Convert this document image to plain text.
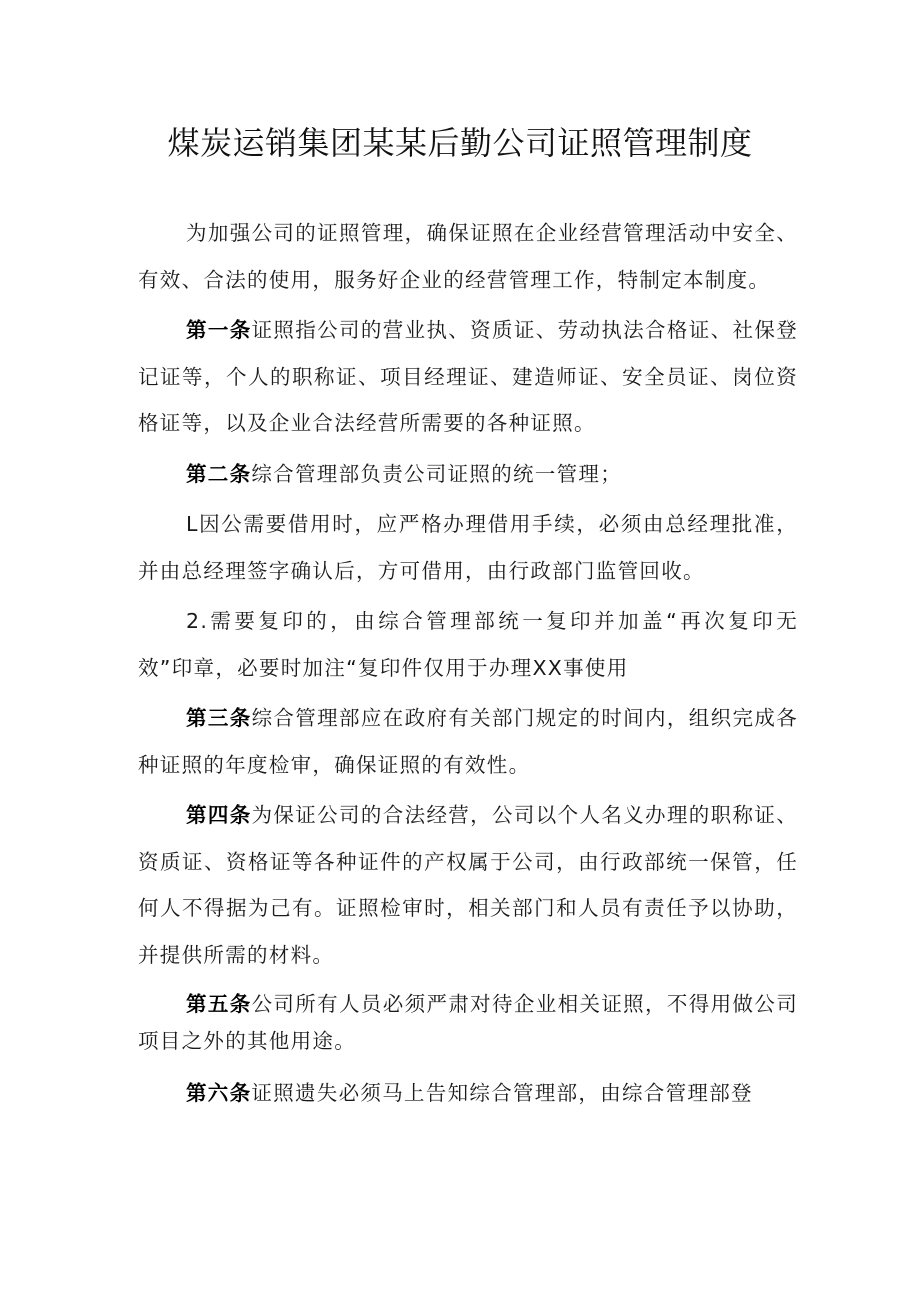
煤炭运销集团某某后勤公司证照管理制度

为加强公司的证照管理，确保证照在企业经营管理活动中安全、有效、合法的使用，服务好企业的经营管理工作，特制定本制度。

第一条证照指公司的营业执、资质证、劳动执法合格证、社保登记证等，个人的职称证、项目经理证、建造师证、安全员证、岗位资格证等，以及企业合法经营所需要的各种证照。

第二条综合管理部负责公司证照的统一管理；

L因公需要借用时，应严格办理借用手续，必须由总经理批准，并由总经理签字确认后，方可借用，由行政部门监管回收。

2.需要复印的，由综合管理部统一复印并加盖“再次复印无效”印章，必要时加注“复印件仅用于办理XX事使用

第三条综合管理部应在政府有关部门规定的时间内，组织完成各种证照的年度检审，确保证照的有效性。

第四条为保证公司的合法经营，公司以个人名义办理的职称证、资质证、资格证等各种证件的产权属于公司，由行政部统一保管，任何人不得据为己有。证照检审时，相关部门和人员有责任予以协助，并提供所需的材料。

第五条公司所有人员必须严肃对待企业相关证照，不得用做公司项目之外的其他用途。

第六条证照遗失必须马上告知综合管理部，由综合管理部登
